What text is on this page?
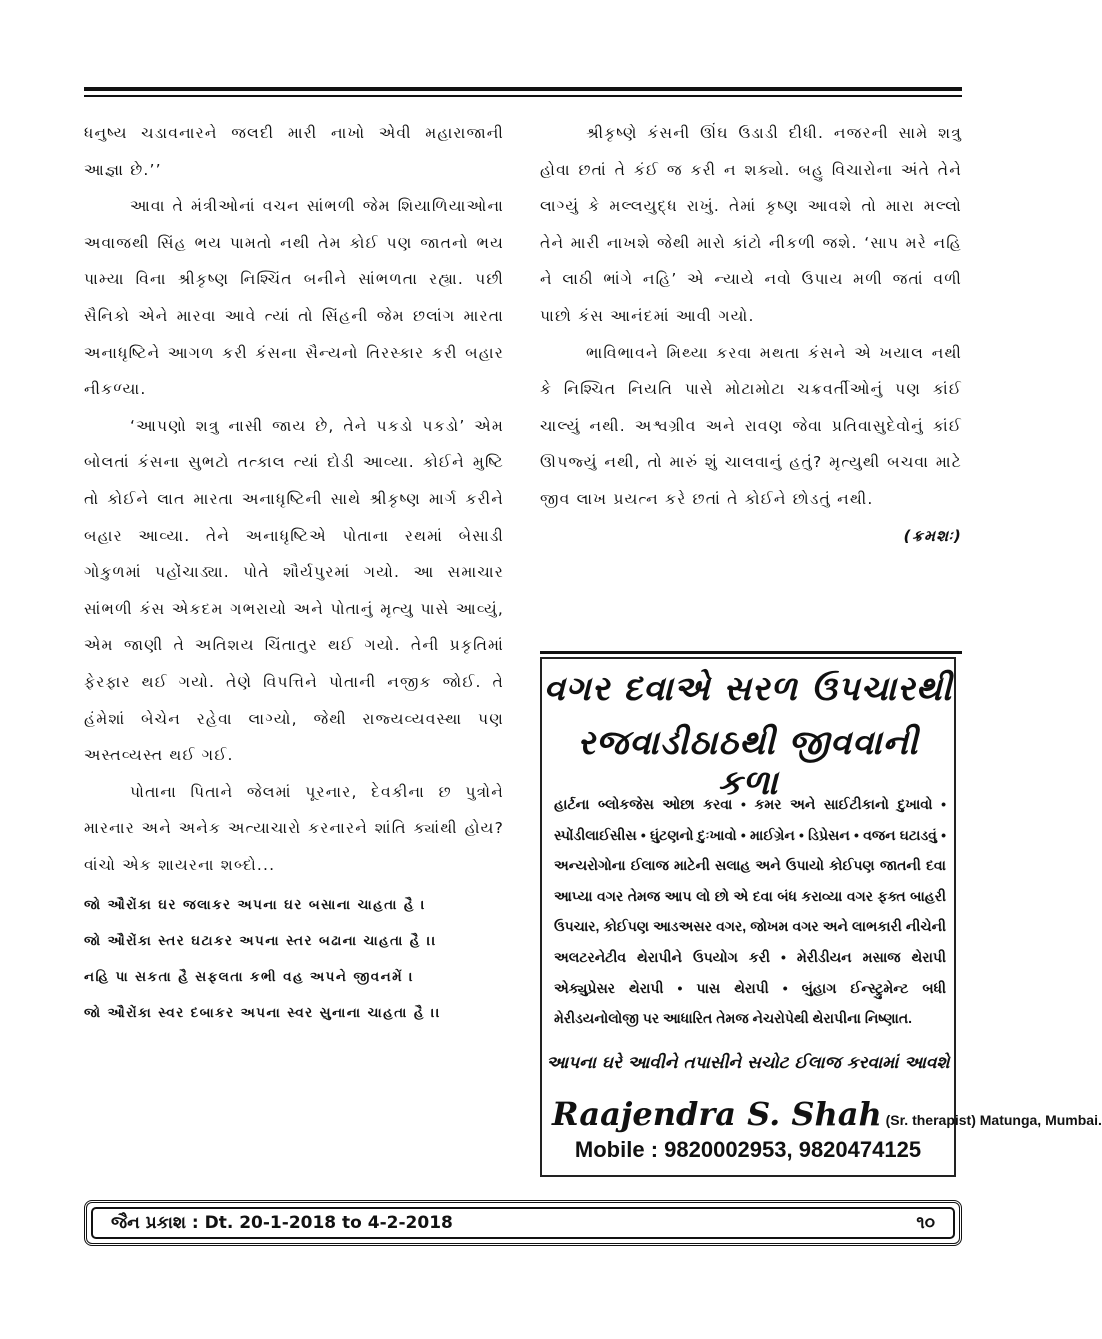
ધનુષ્ય ચડાવનારને જલદી મારી નાખો એવી મહારાજાની આજ્ઞા છે.’’

આવા તે મંત્રીઓનાં વચન સાંભળી જેમ શિયાળિયાઓના અવાજથી સિંહ ભય પામતો નથી તેમ કોઈ પણ જાતનો ભય પામ્યા વિના શ્રીકૃષ્ણ નિશ્ચિંત બનીને સાંભળતા રહ્યા. પછી સૈનિકો એને મારવા આવે ત્યાં તો સિંહની જેમ છલાંગ મારતા અનાધૃષ્ટિને આગળ કરી કંસના સૈન્યનો તિરસ્કાર કરી બહાર નીકળ્યા.

‘આપણો શત્રુ નાસી જાય છે, તેને પકડો પકડો’ એમ બોલતાં કંસના સુભટો તત્કાલ ત્યાં દોડી આવ્યા. કોઈને મુષ્ટિ તો કોઈને લાત મારતા અનાધૃષ્ટિની સાથે શ્રીકૃષ્ણ માર્ગ કરીને બહાર આવ્યા. તેને અનાધૃષ્ટિએ પોતાના રથમાં બેસાડી ગોકુળમાં પહોંચાડ્યા. પોતે શૌર્યપુરમાં ગયો. આ સમાચાર સાંભળી કંસ એકદમ ગભરાયો અને પોતાનું મૃત્યુ પાસે આવ્યું, એમ જાણી તે અતિશય ચિંતાતુર થઈ ગયો. તેની પ્રકૃતિમાં ફેરફાર થઈ ગયો. તેણે વિપત્તિને પોતાની નજીક જોઈ. તે હંમેશાં બેચેન રહેવા લાગ્યો, જેથી રાજ્યવ્યવસ્થા પણ અસ્તવ્યસ્ત થઈ ગઈ.

પોતાના પિતાને જેલમાં પૂરનાર, દેવકીના છ પુત્રોને મારનાર અને અનેક અત્યાચારો કરનારને શાંતિ ક્યાંથી હોય? વાંચો એક શાયરના શબ્દો...

જો ઔરોંકા ઘર જલાકર અપના ઘર બસાના ચાહતા હૈ ।
જો ઔરોંકા સ્તર ઘટાકર અપના સ્તર બઢાના ચાહતા હૈ ।।
નહિ પા સકતા હૈ સફલતા કભી વહ અપને જીવનમેં ।
જો ઔરોંકા સ્વર દબાકર અપના સ્વર સુનાના ચાહતા હૈ ।।

શ્રીકૃષ્ણે કંસની ઊંઘ ઉડાડી દીધી. નજરની સામે શત્રુ હોવા છતાં તે કંઈ જ કરી ન શક્યો. બહુ વિચારોના અંતે તેને લાગ્યું કે મલ્લયુદ્ધ રાખું. તેમાં કૃષ્ણ આવશે તો મારા મલ્લો તેને મારી નાખશે જેથી મારો કાંટો નીકળી જશે. ‘સાપ મરે નહિ ને લાઠી ભાંગે નહિ’ એ ન્યાયે નવો ઉપાય મળી જતાં વળી પાછો કંસ આનંદમાં આવી ગયો.

ભાવિભાવને મિથ્યા કરવા મથતા કંસને એ ખયાલ નથી કે નિશ્ચિત નિયતિ પાસે મોટામોટા ચક્રવર્તીઓનું પણ કાંઈ ચાલ્યું નથી. અશ્વગ્રીવ અને રાવણ જેવા પ્રતિવાસુદેવોનું કાંઈ ઊપજ્યું નથી, તો મારું શું ચાલવાનું હતું? મૃત્યુથી બચવા માટે જીવ લાખ પ્રયત્ન કરે છતાં તે કોઈને છોડતું નથી.
(ક્રમશઃ)

વગર દવાએ સરળ ઉપચારથી
રજવાડીઠાઠથી જીવવાની કળા
હાર્ટના બ્લોકજેસ ઓછા કરવા • કમર અને સાઈટીકાનો દુખાવો • સ્પોંડીલાઈસીસ • ઘુંટણનો દુઃખાવો • માઈગ્રેન • ડિપ્રેસન • વજન ઘટાડવું • અન્યરોગોના ઈલાજ માટેની સલાહ અને ઉપાયો કોઈપણ જાતની દવા આપ્યા વગર તેમજ આપ લો છો એ દવા બંધ કરાવ્યા વગર ફક્ત બાહરી ઉપચાર, કોઈપણ આડઅસર વગર, જોખમ વગર અને લાભકારી નીચેની અલટરનેટીવ થેરાપીને ઉપયોગ કરી • મેરીડીયન મસાજ થેરાપી એક્યુપ્રેસર થેરાપી • પાસ થેરાપી • બુંહાગ ઈન્સ્ટ્રુમેન્ટ બધી મેરીડયનોલોજી પર આધારિત તેમજ નેચરોપેથી થેરાપીના નિષ્ણાત.
આપના ઘરે આવીને તપાસીને સચોટ ઈલાજ કરવામાં આવશે
Raajendra S. Shah (Sr. therapist) Matunga, Mumbai.
Mobile : 9820002953, 9820474125
જૈન પ્રકાશ : Dt. 20-1-2018 to 4-2-2018	૧૦
